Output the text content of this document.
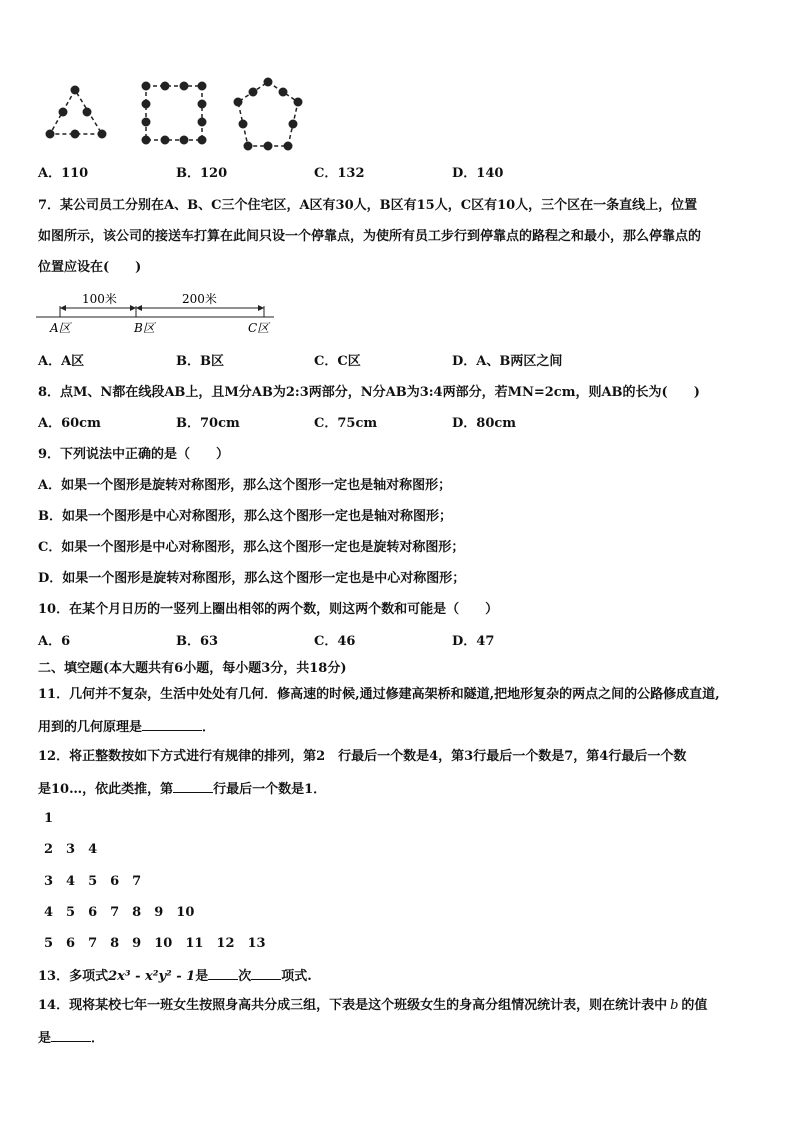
A．110	B．120	C．132	D．140
7．某公司员工分别在A、B、C三个住宅区，A区有30人，B区有15人，C区有10人，三个区在一条直线上，位置
如图所示，该公司的接送车打算在此间只设一个停靠点，为使所有员工步行到停靠点的路程之和最小，那么停靠点的
位置应设在(　　)
100米	200米
A区	B区	C区
A．A区	B．B区	C．C区	D．A、B两区之间
8．点M、N都在线段AB上，且M分AB为2:3两部分，N分AB为3:4两部分，若MN=2cm，则AB的长为(　　)
A．60cm	B．70cm	C．75cm	D．80cm
9．下列说法中正确的是（　　）
A．如果一个图形是旋转对称图形，那么这个图形一定也是轴对称图形；
B．如果一个图形是中心对称图形，那么这个图形一定也是轴对称图形；
C．如果一个图形是中心对称图形，那么这个图形一定也是旋转对称图形；
D．如果一个图形是旋转对称图形，那么这个图形一定也是中心对称图形；
10．在某个月日历的一竖列上圈出相邻的两个数，则这两个数和可能是（　　）
A．6	B．63	C．46	D．47
二、填空题(本大题共有6小题，每小题3分，共18分)
11．几何并不复杂，生活中处处有几何．修高速的时候,通过修建高架桥和隧道,把地形复杂的两点之间的公路修成直道,
用到的几何原理是	．
12．将正整数按如下方式进行有规律的排列，第2　行最后一个数是4，第3行最后一个数是7，第4行最后一个数
是10…，依此类推，第	行最后一个数是1．
1
2　3　4
3　4　5　6　7
4　5　6　7　8　9　10
5　6　7　8　9　10　11　12　13
13．多项式2x³ - x²y² - 1是 次 项式.
14．现将某校七年一班女生按照身高共分成三组，下表是这个班级女生的身高分组情况统计表，则在统计表中 b 的值
是	．
